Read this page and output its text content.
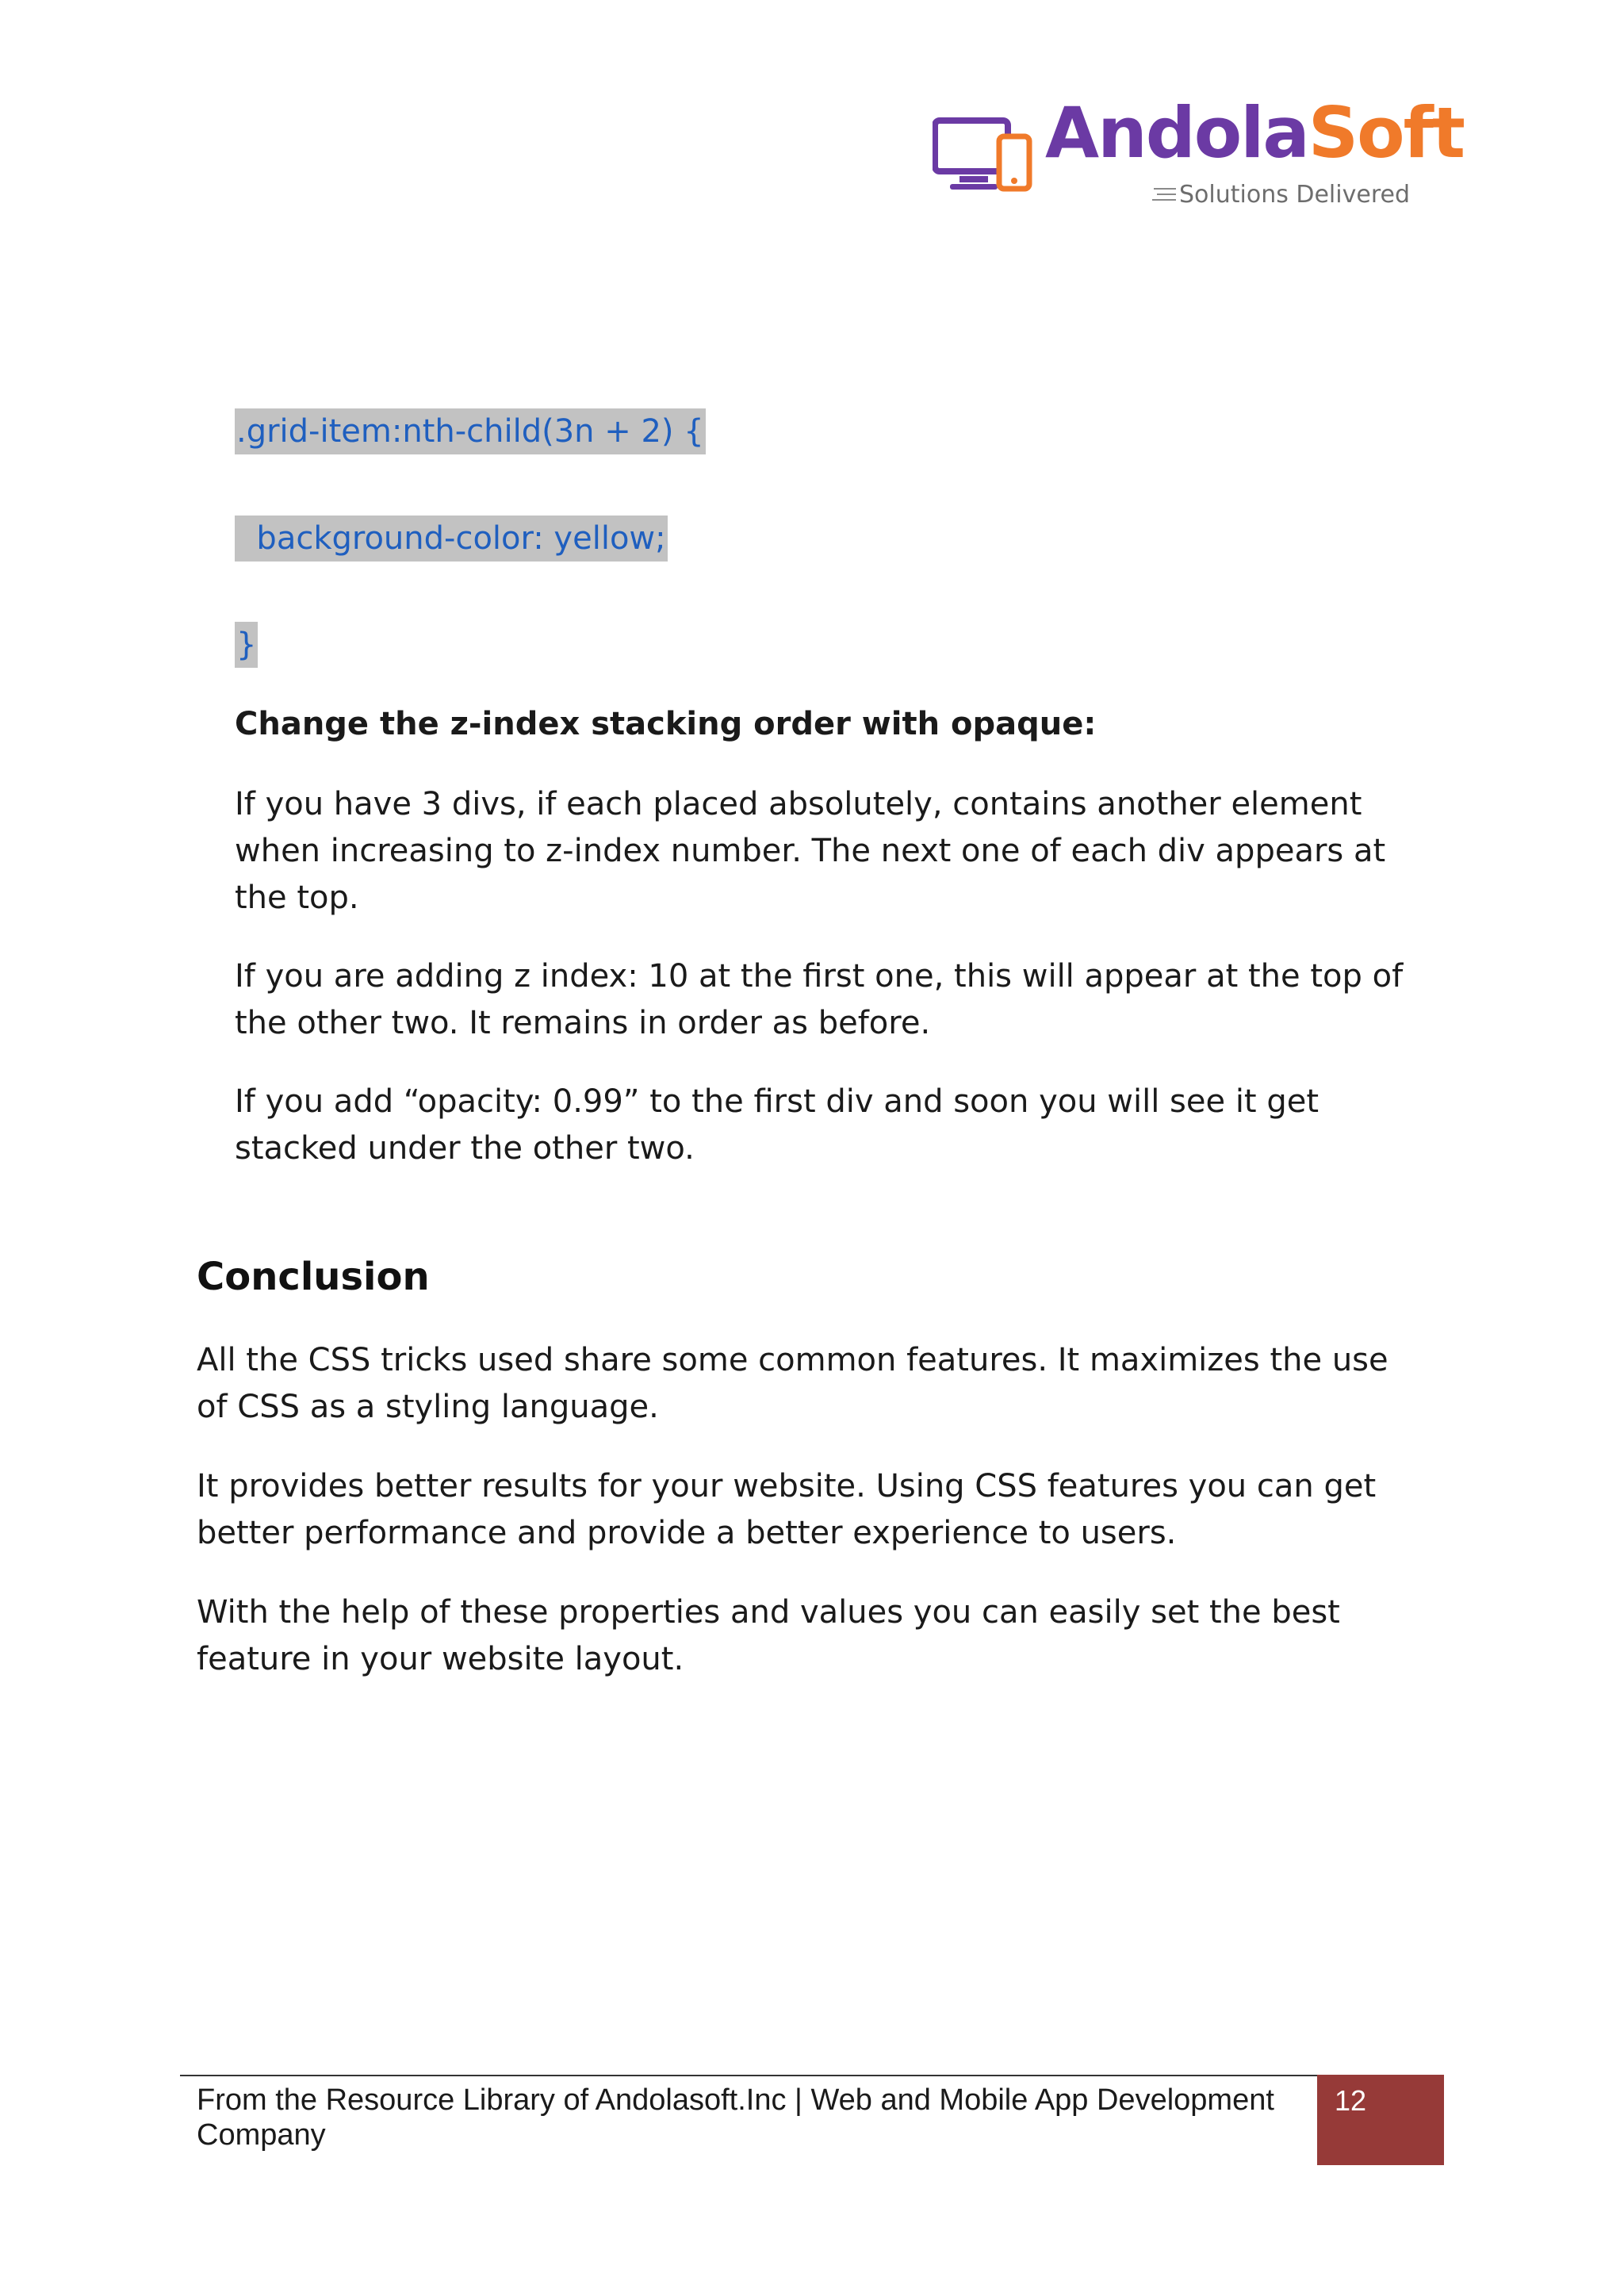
AndolaSoft
Solutions Delivered
.grid-item:nth-child(3n + 2) {
background-color: yellow;
}

Change the z-index stacking order with opaque:

If you have 3 divs, if each placed absolutely, contains another element when increasing to z-index number. The next one of each div appears at the top.

If you are adding z index: 10 at the first one, this will appear at the top of the other two. It remains in order as before.

If you add “opacity: 0.99” to the first div and soon you will see it get stacked under the other two.

Conclusion

All the CSS tricks used share some common features. It maximizes the use of CSS as a styling language.

It provides better results for your website. Using CSS features you can get better performance and provide a better experience to users.

With the help of these properties and values you can easily set the best feature in your website layout.

From the Resource Library of Andolasoft.Inc | Web and Mobile App Development Company
12
